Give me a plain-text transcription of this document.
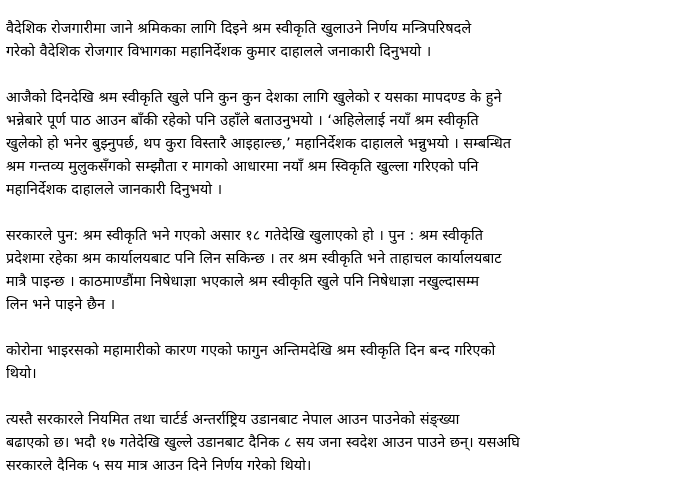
वैदेशिक रोजगारीमा जाने श्रमिकका लागि दिइने श्रम स्वीकृति खुलाउने निर्णय मन्त्रिपरिषदले
गरेको वैदेशिक रोजगार विभागका महानिर्देशक कुमार दाहालले जनाकारी दिनुभयो ।

आजैको दिनदेखि श्रम स्वीकृति खुले पनि कुन कुन देशका लागि खुलेको र यसका मापदण्ड के हुने
भन्नेबारे पूर्ण पाठ आउन बाँकी रहेको पनि उहाँले बताउनुभयो । ‘अहिलेलाई नयाँ श्रम स्वीकृति
खुलेको हो भनेर बुझ्नुपर्छ, थप कुरा विस्तारै आइहाल्छ,’ महानिर्देशक दाहालले भन्नुभयो । सम्बन्धित
श्रम गन्तव्य मुलुकसँगको सम्झौता र मागको आधारमा नयाँ श्रम स्विकृति खुल्ला गरिएको पनि
महानिर्देशक दाहालले जानकारी दिनुभयो ।

सरकारले पुन: श्रम स्वीकृति भने गएको असार १८ गतेदेखि खुलाएको हो । पुन : श्रम स्वीकृति
प्रदेशमा रहेका श्रम कार्यालयबाट पनि लिन सकिन्छ । तर श्रम स्वीकृति भने ताहाचल कार्यालयबाट
मात्रै पाइन्छ । काठमाण्डौंमा निषेधाज्ञा भएकाले श्रम स्वीकृति खुले पनि निषेधाज्ञा नखुल्दासम्म
लिन भने पाइने छैन ।

कोरोना भाइरसको महामारीको कारण गएको फागुन अन्तिमदेखि श्रम स्वीकृति दिन बन्द गरिएको
थियो।

त्यस्तै सरकारले नियमित तथा चार्टर्ड अन्तर्राष्ट्रिय उडानबाट नेपाल आउन पाउनेको संङ्ख्या
बढाएको छ। भदौ १७ गतेदेखि खुल्ले उडानबाट दैनिक ८ सय जना स्वदेश आउन पाउने छन्। यसअघि
सरकारले दैनिक ५ सय मात्र आउन दिने निर्णय गरेको थियो।
